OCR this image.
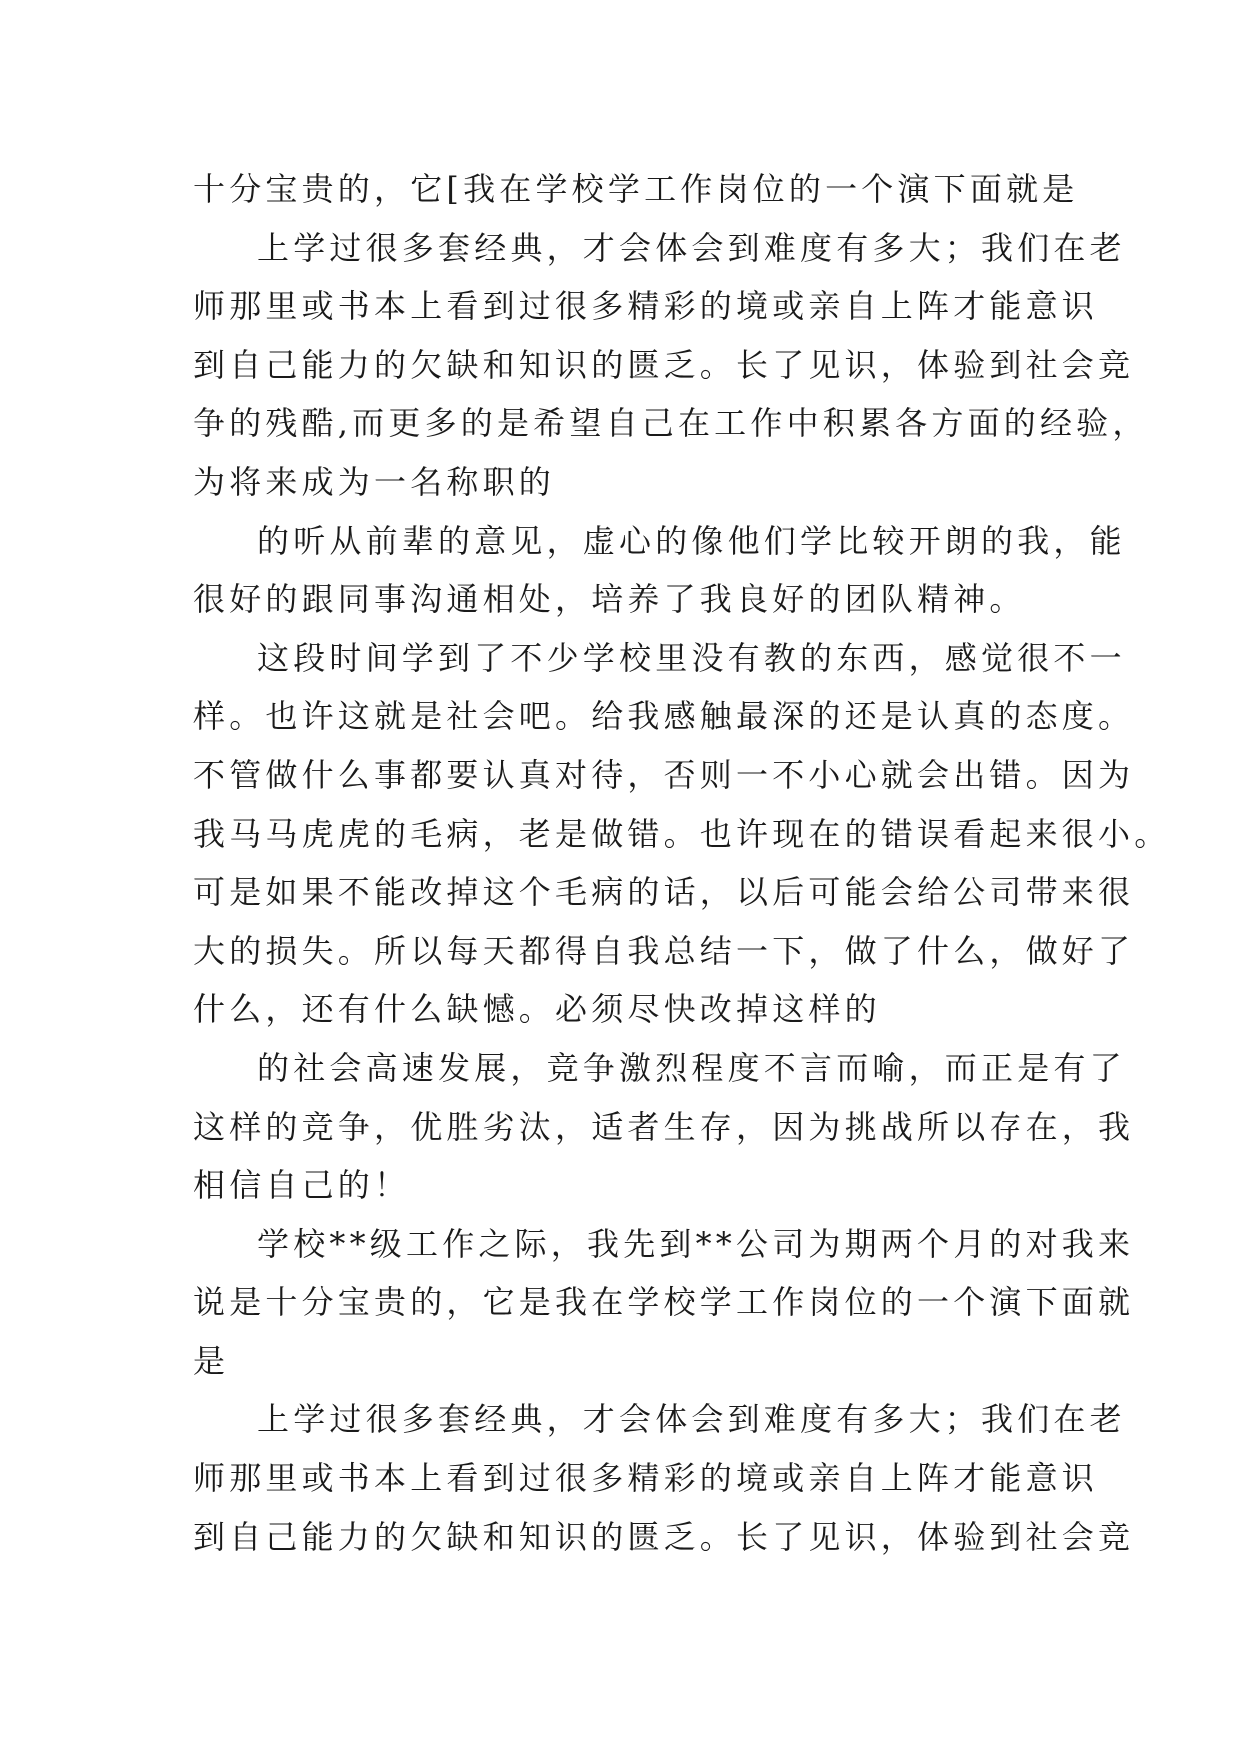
十分宝贵的，它[我在学校学工作岗位的一个演下面就是
上学过很多套经典，才会体会到难度有多大；我们在老
师那里或书本上看到过很多精彩的境或亲自上阵才能意识
到自己能力的欠缺和知识的匮乏。长了见识，体验到社会竞
争的残酷,而更多的是希望自己在工作中积累各方面的经验，
为将来成为一名称职的
的听从前辈的意见，虚心的像他们学比较开朗的我，能
很好的跟同事沟通相处，培养了我良好的团队精神。
这段时间学到了不少学校里没有教的东西，感觉很不一
样。也许这就是社会吧。给我感触最深的还是认真的态度。
不管做什么事都要认真对待，否则一不小心就会出错。因为
我马马虎虎的毛病，老是做错。也许现在的错误看起来很小。
可是如果不能改掉这个毛病的话，以后可能会给公司带来很
大的损失。所以每天都得自我总结一下，做了什么，做好了
什么，还有什么缺憾。必须尽快改掉这样的
的社会高速发展，竞争激烈程度不言而喻，而正是有了
这样的竞争，优胜劣汰，适者生存，因为挑战所以存在，我
相信自己的！
学校**级工作之际，我先到**公司为期两个月的对我来
说是十分宝贵的，它是我在学校学工作岗位的一个演下面就
是
上学过很多套经典，才会体会到难度有多大；我们在老
师那里或书本上看到过很多精彩的境或亲自上阵才能意识
到自己能力的欠缺和知识的匮乏。长了见识，体验到社会竞
